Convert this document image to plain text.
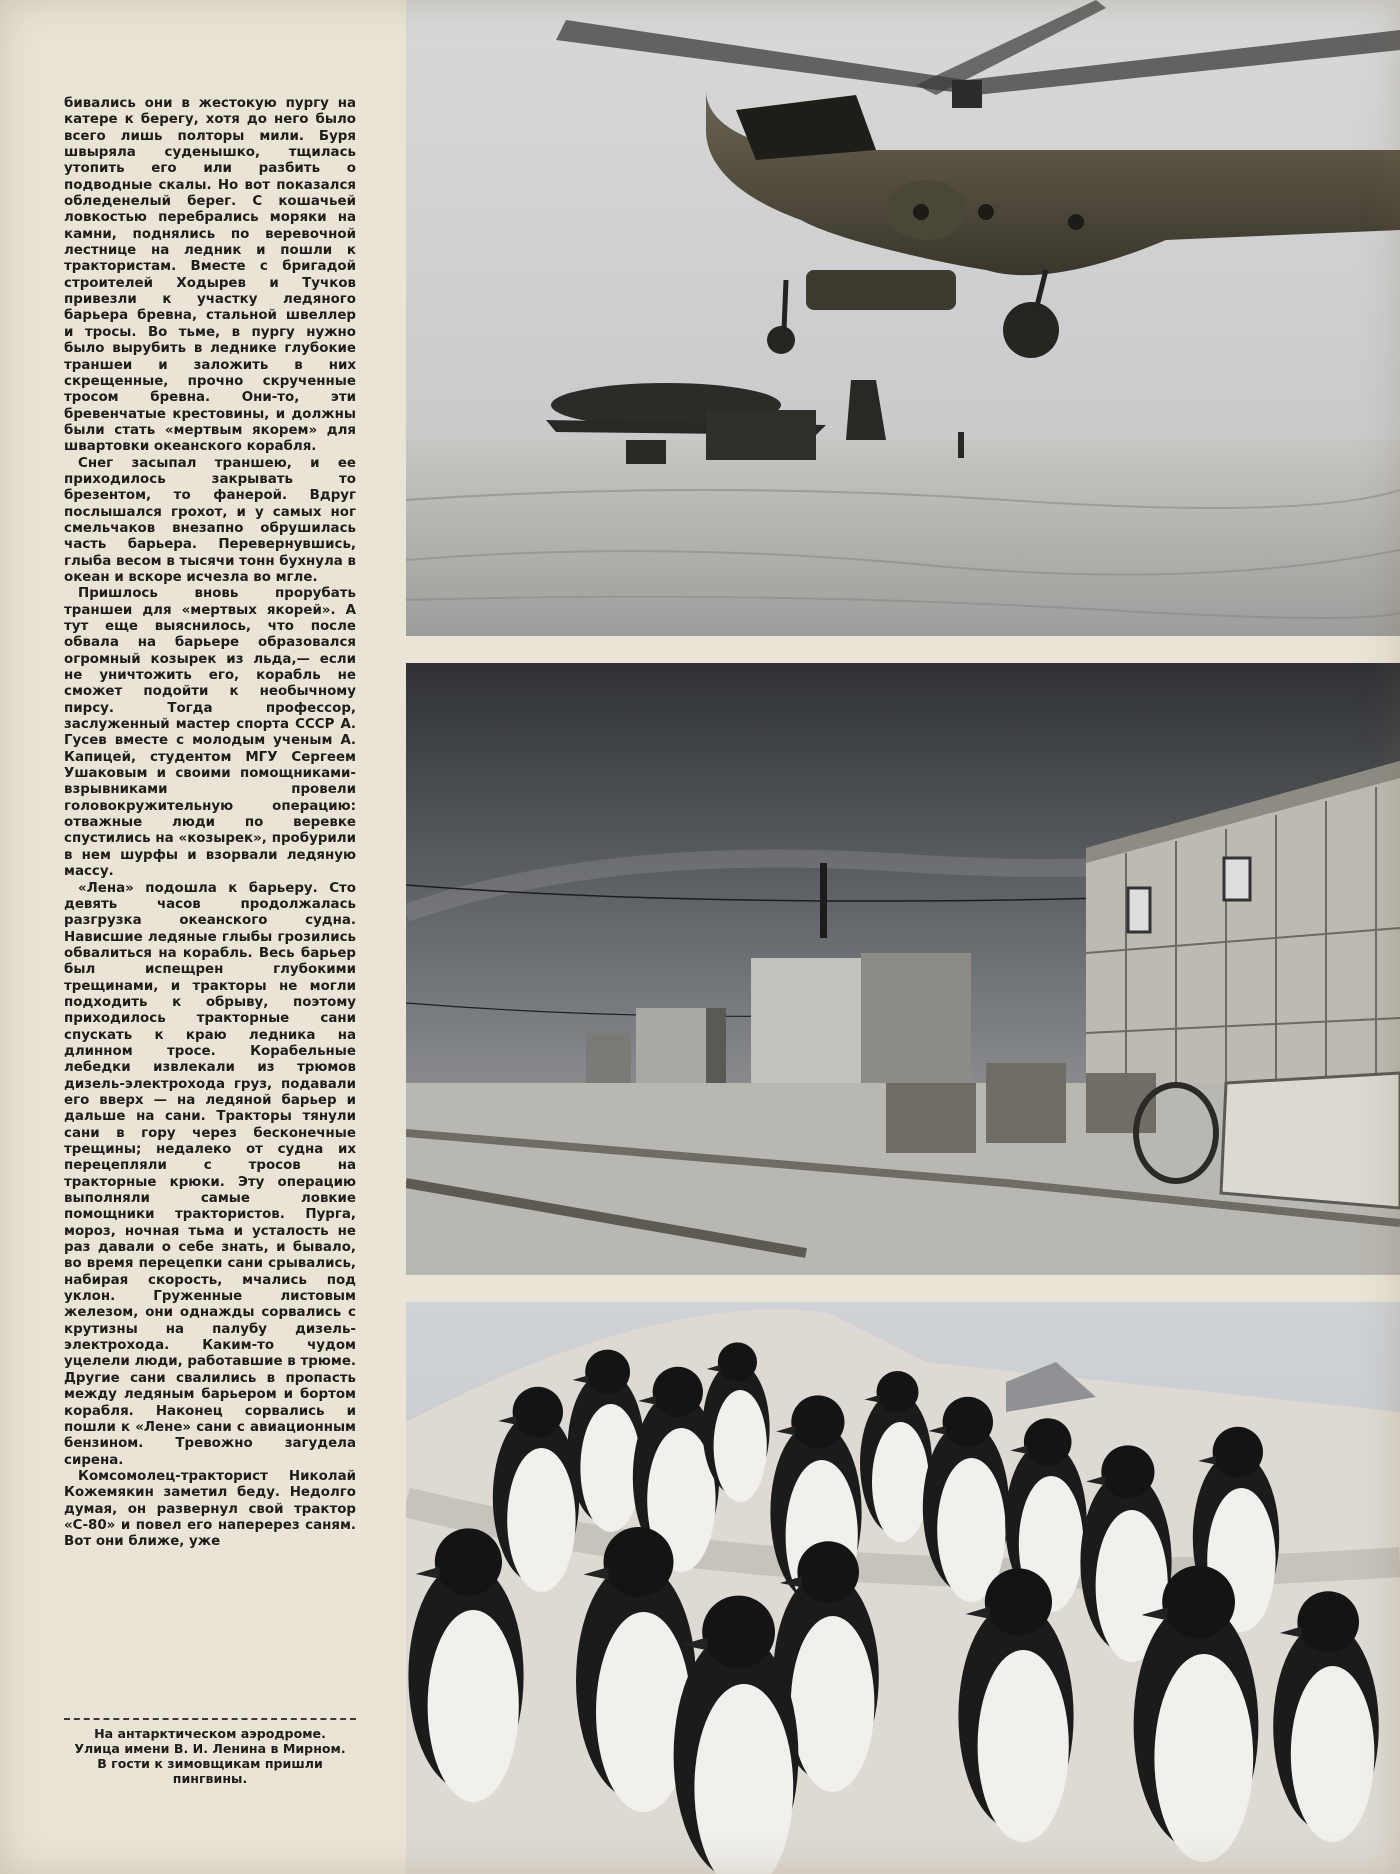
бивались они в жестокую пургу на катере к берегу, хотя до него было всего лишь полторы мили. Буря швыряла суденышко, тщилась утопить его или разбить о подводные скалы. Но вот показался обледенелый берег. С кошачьей ловкостью перебрались моряки на камни, поднялись по веревочной лестнице на ледник и пошли к трактористам. Вместе с бригадой строителей Ходырев и Тучков привезли к участку ледяного барьера бревна, стальной швеллер и тросы. Во тьме, в пургу нужно было вырубить в леднике глубокие траншеи и заложить в них скрещенные, прочно скрученные тросом бревна. Они-то, эти бревенчатые крестовины, и должны были стать «мертвым якорем» для швартовки океанского корабля.

Снег засыпал траншею, и ее приходилось закрывать то брезентом, то фанерой. Вдруг послышался грохот, и у самых ног смельчаков внезапно обрушилась часть барьера. Перевернувшись, глыба весом в тысячи тонн бухнула в океан и вскоре исчезла во мгле.

Пришлось вновь прорубать траншеи для «мертвых якорей». А тут еще выяснилось, что после обвала на барьере образовался огромный козырек из льда,— если не уничтожить его, корабль не сможет подойти к необычному пирсу. Тогда профессор, заслуженный мастер спорта СССР А. Гусев вместе с молодым ученым А. Капицей, студентом МГУ Сергеем Ушаковым и своими помощниками-взрывниками провели головокружительную операцию: отважные люди по веревке спустились на «козырек», пробурили в нем шурфы и взорвали ледяную массу.

«Лена» подошла к барьеру. Сто девять часов продолжалась разгрузка океанского судна. Нависшие ледяные глыбы грозились обвалиться на корабль. Весь барьер был испещрен глубокими трещинами, и тракторы не могли подходить к обрыву, поэтому приходилось тракторные сани спускать к краю ледника на длинном тросе. Корабельные лебедки извлекали из трюмов дизель-электрохода груз, подавали его вверх — на ледяной барьер и дальше на сани. Тракторы тянули сани в гору через бесконечные трещины; недалеко от судна их перецепляли с тросов на тракторные крюки. Эту операцию выполняли самые ловкие помощники трактористов. Пурга, мороз, ночная тьма и усталость не раз давали о себе знать, и бывало, во время перецепки сани срывались, набирая скорость, мчались под уклон. Груженные листовым железом, они однажды сорвались с крутизны на палубу дизель-электрохода. Каким-то чудом уцелели люди, работавшие в трюме. Другие сани свалились в пропасть между ледяным барьером и бортом корабля. Наконец сорвались и пошли к «Лене» сани с авиационным бензином. Тревожно загудела сирена.

Комсомолец-тракторист Николай Кожемякин заметил беду. Недолго думая, он развернул свой трактор «С-80» и повел его наперерез саням. Вот они ближе, уже

На антарктическом аэродроме.

Улица имени В. И. Ленина в Мирном.

В гости к зимовщикам пришли пингвины.
